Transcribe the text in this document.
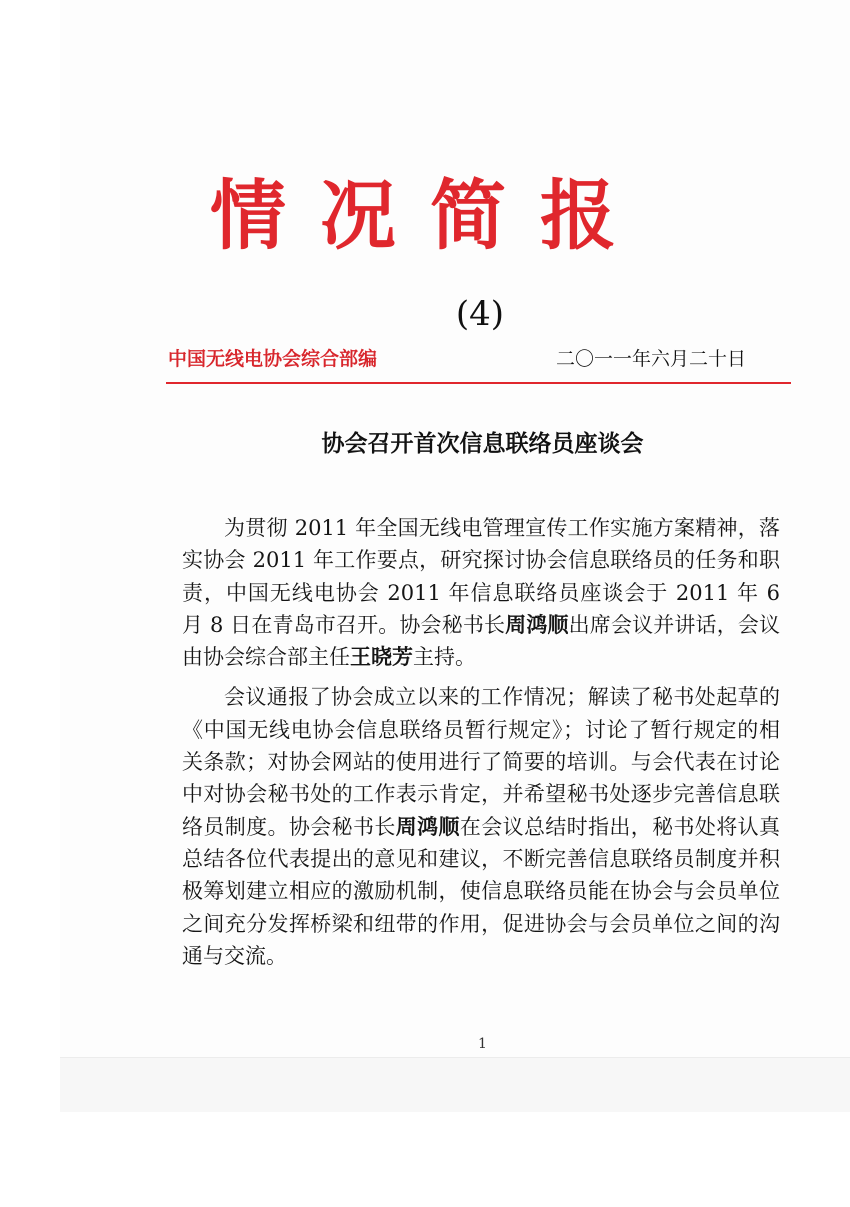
情况简报
(4)
中国无线电协会综合部编	二〇一一年六月二十日
协会召开首次信息联络员座谈会

为贯彻 2011 年全国无线电管理宣传工作实施方案精神，落实协会 2011 年工作要点，研究探讨协会信息联络员的任务和职责，中国无线电协会 2011 年信息联络员座谈会于 2011 年 6 月 8 日在青岛市召开。协会秘书长周鸿顺出席会议并讲话，会议由协会综合部主任王晓芳主持。

会议通报了协会成立以来的工作情况；解读了秘书处起草的《中国无线电协会信息联络员暂行规定》；讨论了暂行规定的相关条款；对协会网站的使用进行了简要的培训。与会代表在讨论中对协会秘书处的工作表示肯定，并希望秘书处逐步完善信息联络员制度。协会秘书长周鸿顺在会议总结时指出，秘书处将认真总结各位代表提出的意见和建议，不断完善信息联络员制度并积极筹划建立相应的激励机制，使信息联络员能在协会与会员单位之间充分发挥桥梁和纽带的作用，促进协会与会员单位之间的沟通与交流。

1
